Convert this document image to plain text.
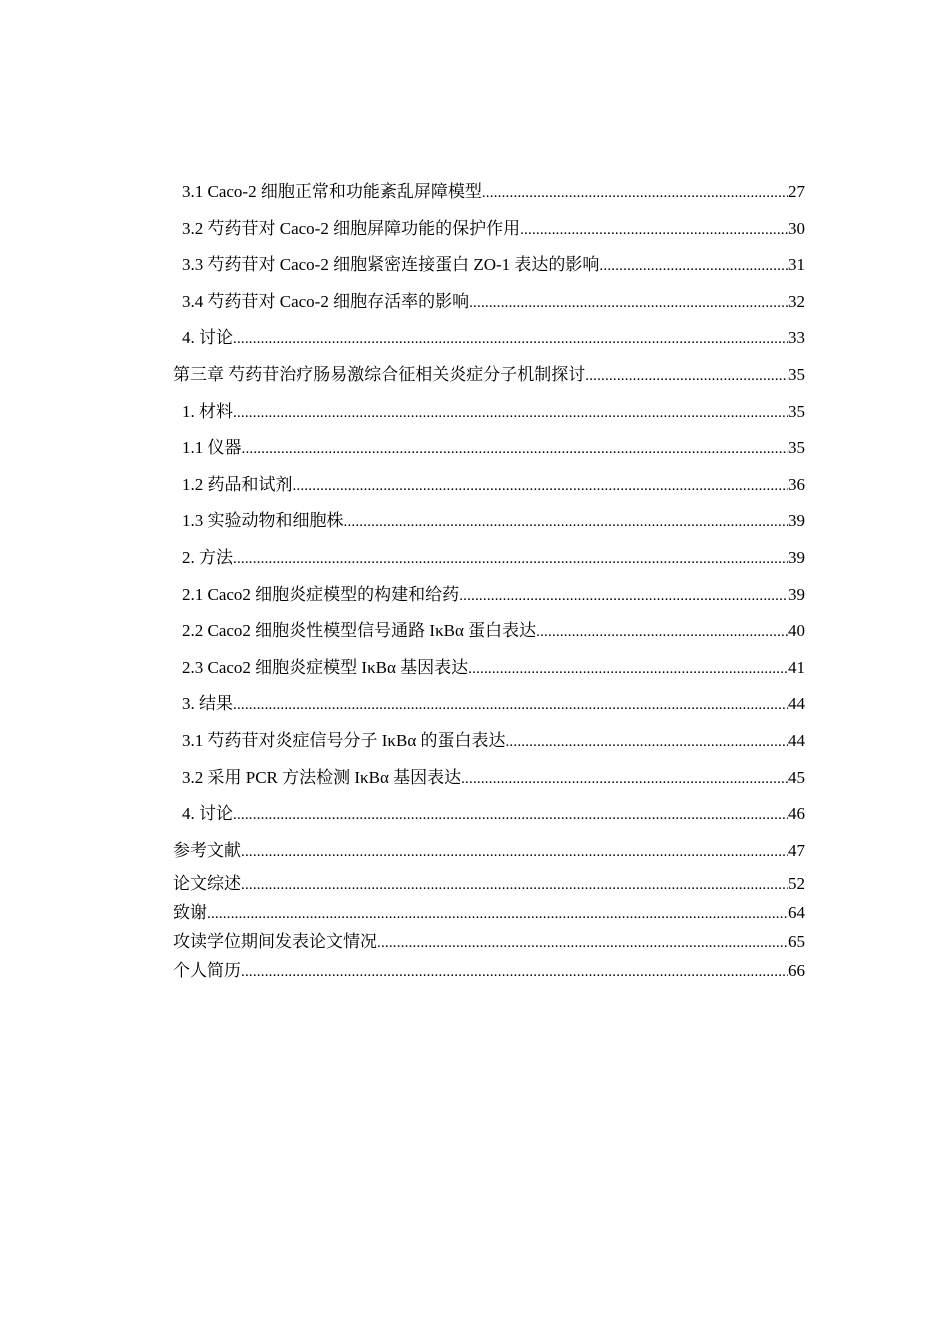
3.1 Caco-2 细胞正常和功能紊乱屏障模型 .....	27
3.2 芍药苷对 Caco-2 细胞屏障功能的保护作用 .....	30
3.3 芍药苷对 Caco-2 细胞紧密连接蛋白 ZO-1 表达的影响 .....	31
3.4 芍药苷对 Caco-2 细胞存活率的影响 .....	32
4. 讨论 .....	33
第三章 芍药苷治疗肠易激综合征相关炎症分子机制探讨 .....	35
1. 材料 .....	35
1.1 仪器 .....	35
1.2 药品和试剂 .....	36
1.3 实验动物和细胞株 .....	39
2. 方法 .....	39
2.1 Caco2 细胞炎症模型的构建和给药 .....	39
2.2 Caco2 细胞炎性模型信号通路 IκBα 蛋白表达 .....	40
2.3 Caco2 细胞炎症模型 IκBα 基因表达 .....	41
3. 结果 .....	44
3.1 芍药苷对炎症信号分子 IκBα 的蛋白表达 .....	44
3.2 采用 PCR 方法检测 IκBα 基因表达 .....	45
4. 讨论 .....	46
参考文献 .....	47
论文综述 .....	52
致谢 .....	64
攻读学位期间发表论文情况 .....	65
个人简历 .....	66
